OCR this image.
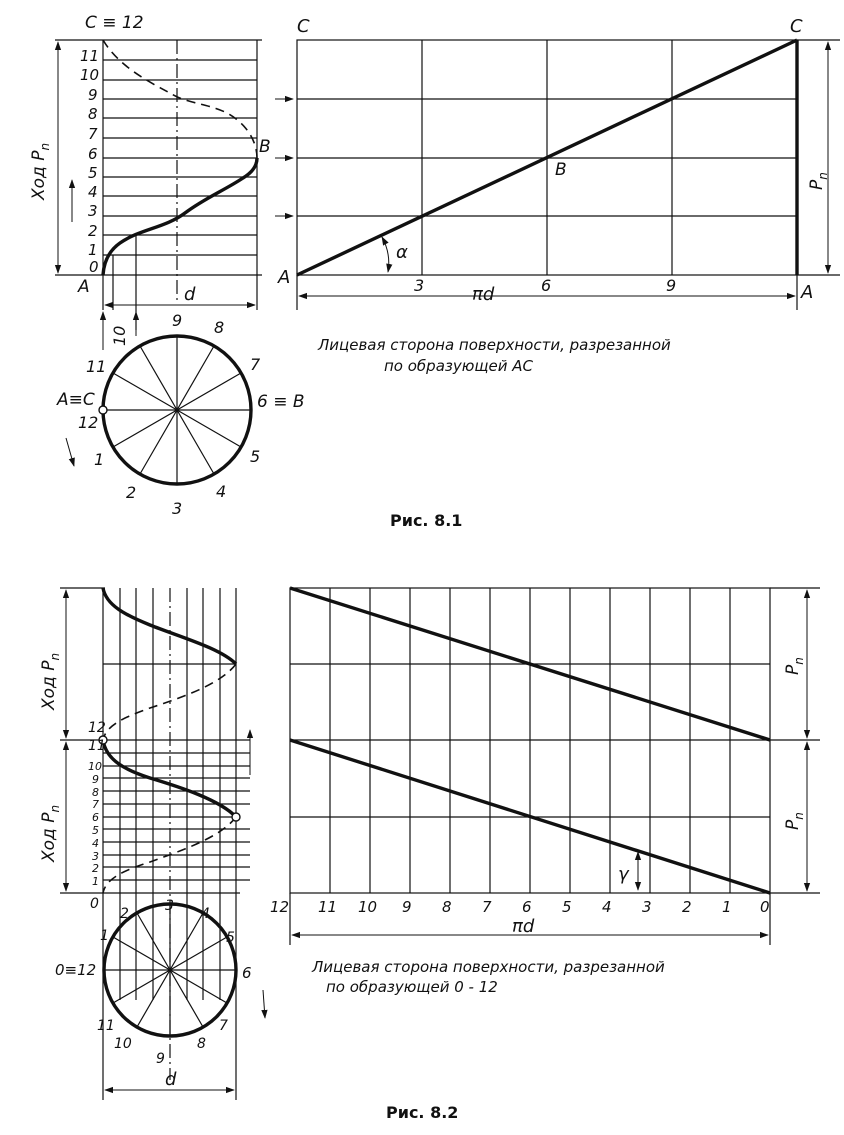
C ≡ 12
Ход $P_n$
d
A
B
A≡C	6 ≡ B
0
1
2
3
4
5
6
7
8
9
10
11
1
2
3
4
5
7
8
9
10
11
12
C	C
A
A
B
α
$P_n$
3	6	9
πd
Лицевая сторона поверхности, разрезанной
по образующей AC
Рис. 8.1
Ход $P_n$
Ход $P_n$
12
11
0
1
2
3
4
5
6
7
8
9
10
1
2	3 4
5
6
7
8
9
10
11
0≡12
d
12 11 10 9 8 7 6 5 4 3 2 1 0
πd
γ
$P_n$
$P_n$
Лицевая сторона поверхности, разрезанной
по образующей 0 - 12
Рис. 8.2
